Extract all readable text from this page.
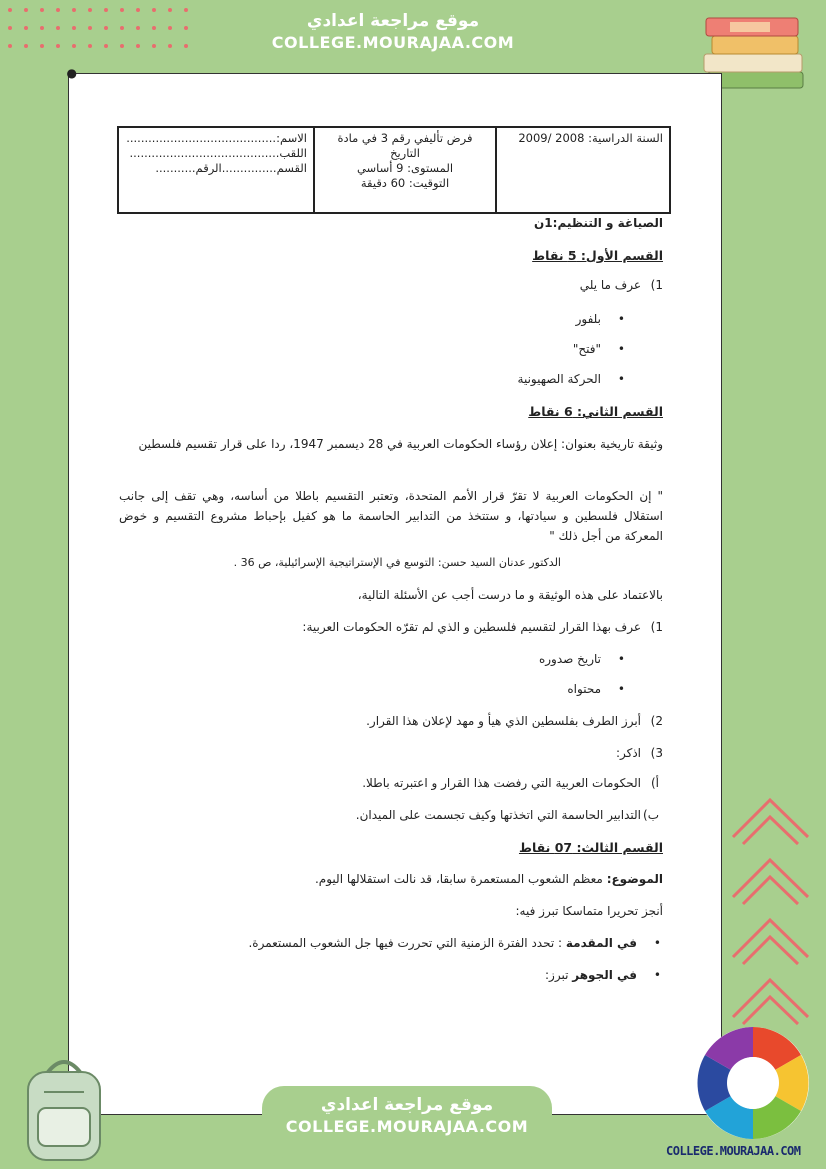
موقع مراجعة اعدادي
COLLEGE.MOURAJAA.COM
●
السنة الدراسية: 2008 /2009

فرض تأليفي رقم 3 في مادة التاريخ
المستوى: 9 أساسي
التوقيت: 60 دقيقة

الاسم:.........................................
اللقب.........................................
القسم...............الرقم...........
الصياغة و التنظيم:1ن
القسم الأول: 5 نقاط
1)
عرف ما يلي
بلفور •
"فتح" •
الحركة الصهيونية •
القسم الثاني: 6 نقاط
وثيقة تاريخية بعنوان: إعلان رؤساء الحكومات العربية في 28 ديسمبر 1947، ردا على قرار تقسيم فلسطين
" إن الحكومات العربية لا تقرّ قرار الأمم المتحدة، وتعتبر التقسيم باطلا من أساسه، وهي تقف إلى جانب استقلال فلسطين و سيادتها، و ستتخذ من التدابير الحاسمة ما هو كفيل بإحباط مشروع التقسيم و خوض المعركة من أجل ذلك "
الدكتور عدنان السيد حسن: التوسع في الإستراتيجية الإسرائيلية، ص 36 .
بالاعتماد على هذه الوثيقة و ما درست أجب عن الأسئلة التالية،
1)
عرف بهذا القرار لتقسيم فلسطين و الذي لم تقرّه الحكومات العربية:
تاريخ صدوره •
محتواه •
2)
أبرز الطرف بفلسطين الذي هيأ و مهد لإعلان هذا القرار.
3)
اذكر:
أ)
الحكومات العربية التي رفضت هذا القرار و اعتبرته باطلا.
ب)
التدابير الحاسمة التي اتخذتها وكيف تجسمت على الميدان.
القسم الثالث: 07 نقاط
الموضوع: معظم الشعوب المستعمرة سابقا، قد نالت استقلالها اليوم.
أنجز تحريرا متماسكا تبرز فيه:
في المقدمة : تحدد الفترة الزمنية التي تحررت فيها جل الشعوب المستعمرة. •
في الجوهر تبرز: •
موقع مراجعة اعدادي
COLLEGE.MOURAJAA.COM
COLLEGE.MOURAJAA.COM
